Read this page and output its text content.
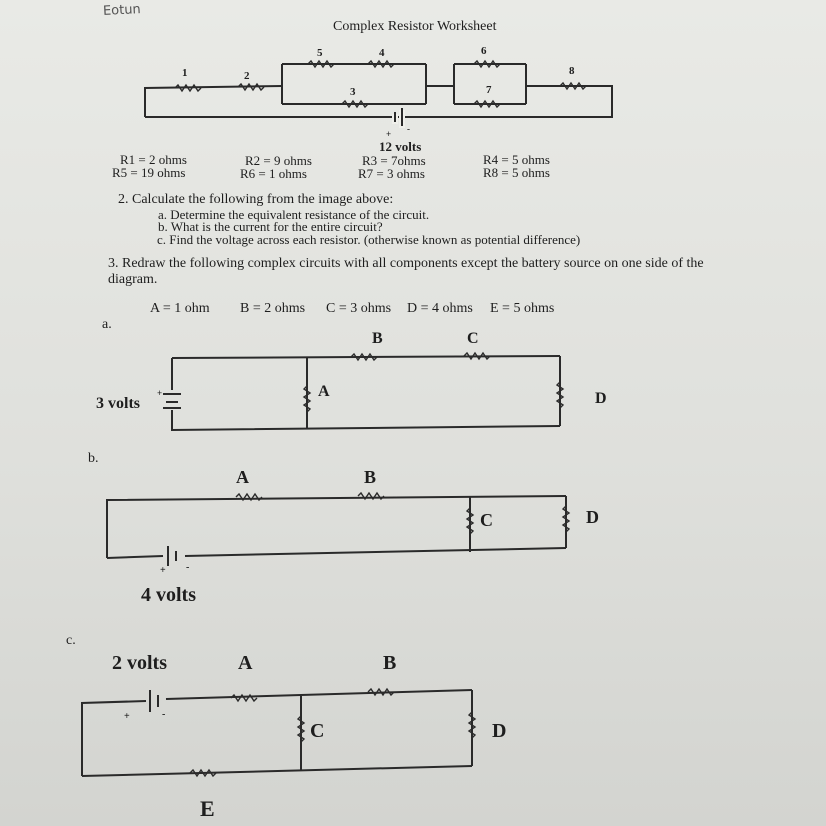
Eotun
Complex Resistor Worksheet
1	2
5	4
3
6
7
8
+ -
12 volts
R1 = 2 ohms
R5 = 19 ohms
R2 = 9 ohms
R6 = 1 ohms
R3 = 7ohms
R7 = 3 ohms
R4 = 5 ohms
R8 = 5 ohms
2. Calculate the following from the image above:
a. Determine the equivalent resistance of the circuit.
b. What is the current for the entire circuit?
c. Find the voltage across each resistor. (otherwise known as potential difference)
3. Redraw the following complex circuits with all components except the battery source on one side of the
diagram.
A = 1 ohm B = 2 ohms C = 3 ohms D = 4 ohms E = 5 ohms
a.
3 volts
+	A
B	C
D
b.
A	B
C	D
+ -
4 volts
c.
2 volts	A	B
+	-
C	D
E
